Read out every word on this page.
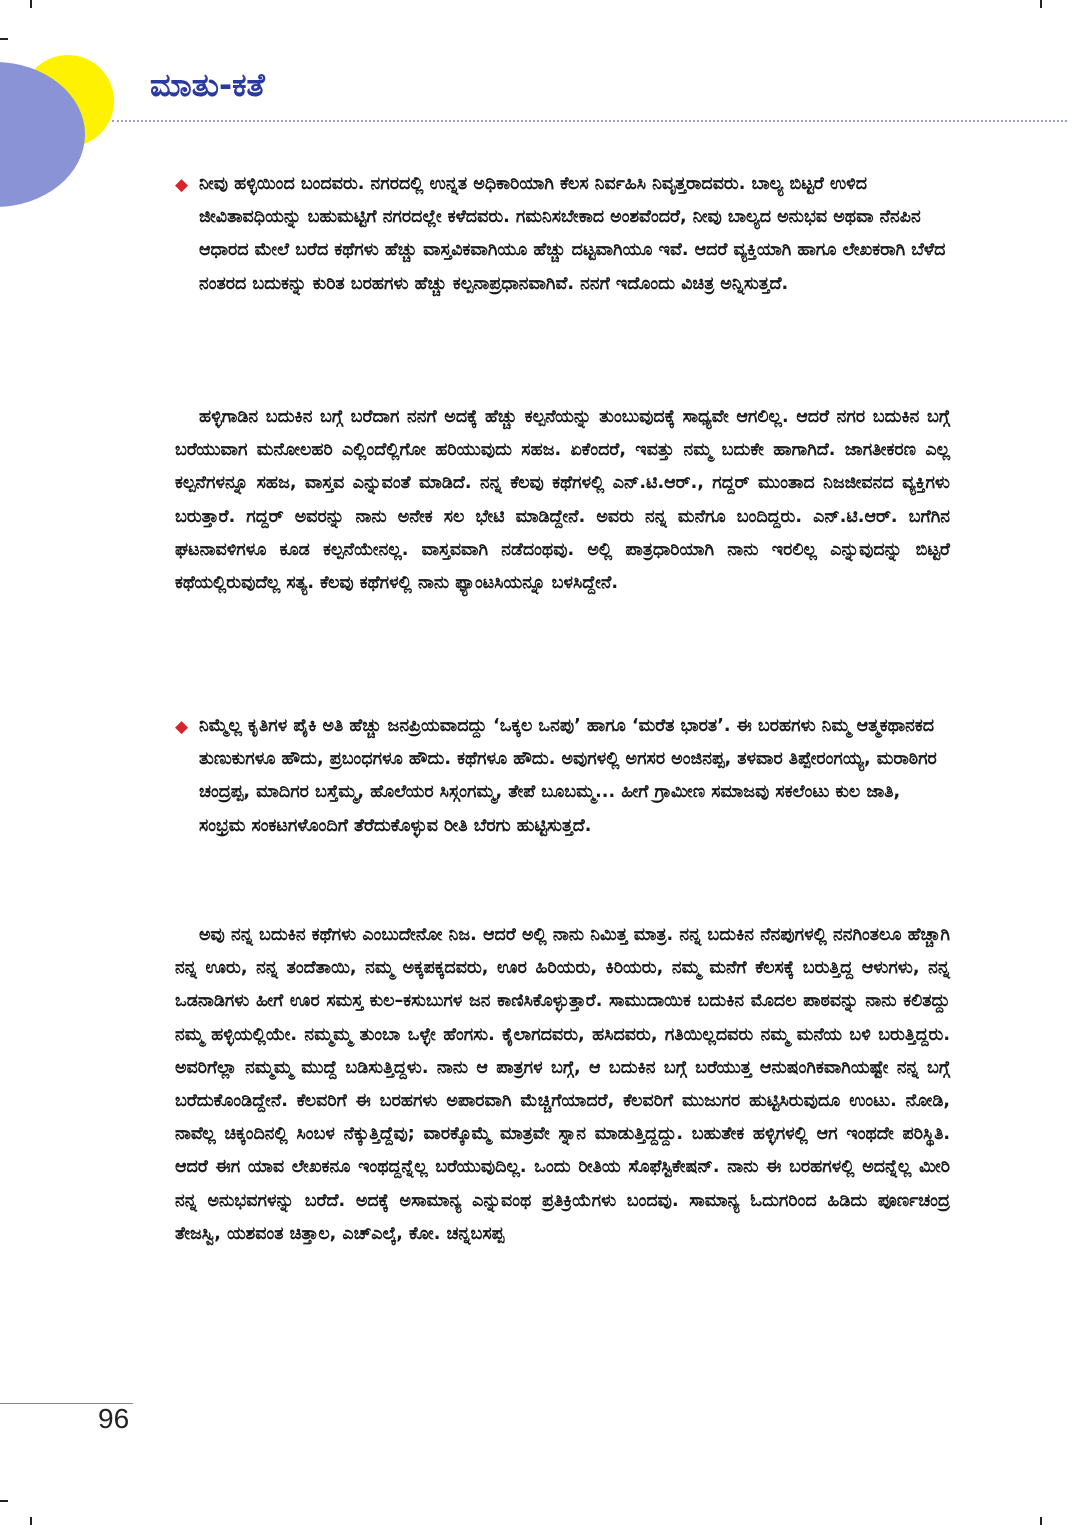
ಮಾತು-ಕತೆ
◆ ನೀವು ಹಳ್ಳಿಯಿಂದ ಬಂದವರು. ನಗರದಲ್ಲಿ ಉನ್ನತ ಅಧಿಕಾರಿಯಾಗಿ ಕೆಲಸ ನಿರ್ವಹಿಸಿ ನಿವೃತ್ತರಾದವರು. ಬಾಲ್ಯ ಬಿಟ್ಟರೆ ಉಳಿದ ಜೀವಿತಾವಧಿಯನ್ನು ಬಹುಮಟ್ಟಿಗೆ ನಗರದಲ್ಲೇ ಕಳೆದವರು. ಗಮನಿಸಬೇಕಾದ ಅಂಶವೆಂದರೆ, ನೀವು ಬಾಲ್ಯದ ಅನುಭವ ಅಥವಾ ನೆನಪಿನ ಆಧಾರದ ಮೇಲೆ ಬರೆದ ಕಥೆಗಳು ಹೆಚ್ಚು ವಾಸ್ತವಿಕವಾಗಿಯೂ ಹೆಚ್ಚು ದಟ್ಟವಾಗಿಯೂ ಇವೆ. ಆದರೆ ವ್ಯಕ್ತಿಯಾಗಿ ಹಾಗೂ ಲೇಖಕರಾಗಿ ಬೆಳೆದ ನಂತರದ ಬದುಕನ್ನು ಕುರಿತ ಬರಹಗಳು ಹೆಚ್ಚು ಕಲ್ಪನಾಪ್ರಧಾನವಾಗಿವೆ. ನನಗೆ ಇದೊಂದು ವಿಚಿತ್ರ ಅನ್ನಿಸುತ್ತದೆ.

ಹಳ್ಳಿಗಾಡಿನ ಬದುಕಿನ ಬಗ್ಗೆ ಬರೆದಾಗ ನನಗೆ ಅದಕ್ಕೆ ಹೆಚ್ಚು ಕಲ್ಪನೆಯನ್ನು ತುಂಬುವುದಕ್ಕೆ ಸಾಧ್ಯವೇ ಆಗಲಿಲ್ಲ. ಆದರೆ ನಗರ ಬದುಕಿನ ಬಗ್ಗೆ ಬರೆಯುವಾಗ ಮನೋಲಹರಿ ಎಲ್ಲಿಂದೆಲ್ಲಿಗೋ ಹರಿಯುವುದು ಸಹಜ. ಏಕೆಂದರೆ, ಇವತ್ತು ನಮ್ಮ ಬದುಕೇ ಹಾಗಾಗಿದೆ. ಜಾಗತೀಕರಣ ಎಲ್ಲ ಕಲ್ಪನೆಗಳನ್ನೂ ಸಹಜ, ವಾಸ್ತವ ಎನ್ನುವಂತೆ ಮಾಡಿದೆ. ನನ್ನ ಕೆಲವು ಕಥೆಗಳಲ್ಲಿ ಎನ್.ಟಿ.ಆರ್., ಗದ್ದರ್ ಮುಂತಾದ ನಿಜಜೀವನದ ವ್ಯಕ್ತಿಗಳು ಬರುತ್ತಾರೆ. ಗದ್ದರ್ ಅವರನ್ನು ನಾನು ಅನೇಕ ಸಲ ಭೇಟಿ ಮಾಡಿದ್ದೇನೆ. ಅವರು ನನ್ನ ಮನೆಗೂ ಬಂದಿದ್ದರು. ಎನ್.ಟಿ.ಆರ್. ಬಗೆಗಿನ ಘಟನಾವಳಿಗಳೂ ಕೂಡ ಕಲ್ಪನೆಯೇನಲ್ಲ. ವಾಸ್ತವವಾಗಿ ನಡೆದಂಥವು. ಅಲ್ಲಿ ಪಾತ್ರಧಾರಿಯಾಗಿ ನಾನು ಇರಲಿಲ್ಲ ಎನ್ನುವುದನ್ನು ಬಿಟ್ಟರೆ ಕಥೆಯಲ್ಲಿರುವುದೆಲ್ಲ ಸತ್ಯ. ಕೆಲವು ಕಥೆಗಳಲ್ಲಿ ನಾನು ಫ್ಯಾಂಟಸಿಯನ್ನೂ ಬಳಸಿದ್ದೇನೆ.

◆ ನಿಮ್ಮೆಲ್ಲ ಕೃತಿಗಳ ಪೈಕಿ ಅತಿ ಹೆಚ್ಚು ಜನಪ್ರಿಯವಾದದ್ದು ‘ಒಕ್ಕಲ ಒನಪು’ ಹಾಗೂ ‘ಮರೆತ ಭಾರತ’. ಈ ಬರಹಗಳು ನಿಮ್ಮ ಆತ್ಮಕಥಾನಕದ ತುಣುಕುಗಳೂ ಹೌದು, ಪ್ರಬಂಧಗಳೂ ಹೌದು. ಕಥೆಗಳೂ ಹೌದು. ಅವುಗಳಲ್ಲಿ ಅಗಸರ ಅಂಜಿನಪ್ಪ, ತಳವಾರ ತಿಪ್ಪೇರಂಗಯ್ಯ, ಮರಾಠಿಗರ ಚಂದ್ರಪ್ಪ, ಮಾದಿಗರ ಬಸ್ತೆಮ್ಮ, ಹೊಲೆಯರ ಸಿಸ್ಗಂಗಮ್ಮ, ತೇಪೆ ಬೂಬಮ್ಮ... ಹೀಗೆ ಗ್ರಾಮೀಣ ಸಮಾಜವು ಸಕಲೆಂಟು ಕುಲ ಜಾತಿ, ಸಂಭ್ರಮ ಸಂಕಟಗಳೊಂದಿಗೆ ತೆರೆದುಕೊಳ್ಳುವ ರೀತಿ ಬೆರಗು ಹುಟ್ಟಿಸುತ್ತದೆ.

ಅವು ನನ್ನ ಬದುಕಿನ ಕಥೆಗಳು ಎಂಬುದೇನೋ ನಿಜ. ಆದರೆ ಅಲ್ಲಿ ನಾನು ನಿಮಿತ್ತ ಮಾತ್ರ. ನನ್ನ ಬದುಕಿನ ನೆನಪುಗಳಲ್ಲಿ ನನಗಿಂತಲೂ ಹೆಚ್ಚಾಗಿ ನನ್ನ ಊರು, ನನ್ನ ತಂದೆತಾಯಿ, ನಮ್ಮ ಅಕ್ಕಪಕ್ಕದವರು, ಊರ ಹಿರಿಯರು, ಕಿರಿಯರು, ನಮ್ಮ ಮನೆಗೆ ಕೆಲಸಕ್ಕೆ ಬರುತ್ತಿದ್ದ ಆಳುಗಳು, ನನ್ನ ಒಡನಾಡಿಗಳು ಹೀಗೆ ಊರ ಸಮಸ್ತ ಕುಲ–ಕಸುಬುಗಳ ಜನ ಕಾಣಿಸಿಕೊಳ್ಳುತ್ತಾರೆ. ಸಾಮುದಾಯಿಕ ಬದುಕಿನ ಮೊದಲ ಪಾಠವನ್ನು ನಾನು ಕಲಿತದ್ದು ನಮ್ಮ ಹಳ್ಳಿಯಲ್ಲಿಯೇ. ನಮ್ಮಮ್ಮ ತುಂಬಾ ಒಳ್ಳೇ ಹೆಂಗಸು. ಕೈಲಾಗದವರು, ಹಸಿದವರು, ಗತಿಯಿಲ್ಲದವರು ನಮ್ಮ ಮನೆಯ ಬಳಿ ಬರುತ್ತಿದ್ದರು. ಅವರಿಗೆಲ್ಲಾ ನಮ್ಮಮ್ಮ ಮುದ್ದೆ ಬಡಿಸುತ್ತಿದ್ದಳು. ನಾನು ಆ ಪಾತ್ರಗಳ ಬಗ್ಗೆ, ಆ ಬದುಕಿನ ಬಗ್ಗೆ ಬರೆಯುತ್ತ ಆನುಷಂಗಿಕವಾಗಿಯಷ್ಟೇ ನನ್ನ ಬಗ್ಗೆ ಬರೆದುಕೊಂಡಿದ್ದೇನೆ. ಕೆಲವರಿಗೆ ಈ ಬರಹಗಳು ಅಪಾರವಾಗಿ ಮೆಚ್ಚಿಗೆಯಾದರೆ, ಕೆಲವರಿಗೆ ಮುಜುಗರ ಹುಟ್ಟಿಸಿರುವುದೂ ಉಂಟು. ನೋಡಿ, ನಾವೆಲ್ಲ ಚಿಕ್ಕಂದಿನಲ್ಲಿ ಸಿಂಬಳ ನೆಕ್ಕುತ್ತಿದ್ದೆವು; ವಾರಕ್ಕೊಮ್ಮೆ ಮಾತ್ರವೇ ಸ್ನಾನ ಮಾಡುತ್ತಿದ್ದದ್ದು. ಬಹುತೇಕ ಹಳ್ಳಿಗಳಲ್ಲಿ ಆಗ ಇಂಥದೇ ಪರಿಸ್ಥಿತಿ. ಆದರೆ ಈಗ ಯಾವ ಲೇಖಕನೂ ಇಂಥದ್ದನ್ನೆಲ್ಲ ಬರೆಯುವುದಿಲ್ಲ. ಒಂದು ರೀತಿಯ ಸೊಫೆಸ್ಟಿಕೇಷನ್. ನಾನು ಈ ಬರಹಗಳಲ್ಲಿ ಅದನ್ನೆಲ್ಲ ಮೀರಿ ನನ್ನ ಅನುಭವಗಳನ್ನು ಬರೆದೆ. ಅದಕ್ಕೆ ಅಸಾಮಾನ್ಯ ಎನ್ನುವಂಥ ಪ್ರತಿಕ್ರಿಯೆಗಳು ಬಂದವು. ಸಾಮಾನ್ಯ ಓದುಗರಿಂದ ಹಿಡಿದು ಪೂರ್ಣಚಂದ್ರ ತೇಜಸ್ವಿ, ಯಶವಂತ ಚಿತ್ತಾಲ, ಎಚ್ಎಲ್ಕೆ, ಕೋ. ಚನ್ನಬಸಪ್ಪ

96
